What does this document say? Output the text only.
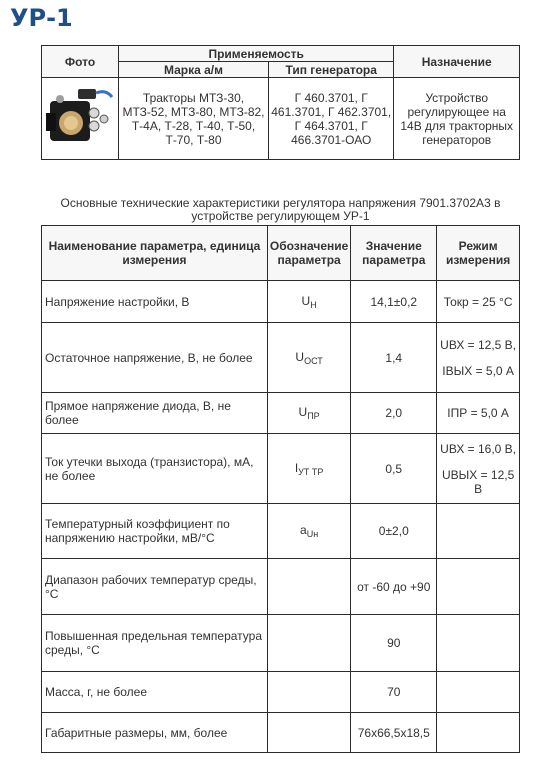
УР-1
Фото	Применяемость		Назначение
	Марка а/м	Тип генератора	

	Тракторы МТЗ-30, МТЗ-52, МТЗ-80, МТЗ-82, Т-4А, Т-28, Т-40, Т-50, Т-70, Т-80	Г 460.3701, Г 461.3701, Г 462.3701, Г 464.3701, Г 466.3701-ОАО	Устройство регулирующее на 14В для тракторных генераторов
Основные технические характеристики регулятора напряжения 7901.3702А3 в устройстве регулирующем УР-1
Наименование параметра, единица измерения	Обозначение параметра	Значение параметра	Режим измерения
Напряжение настройки, В	$U_Н$	14,1±0,2	Токр = 25 °С

Остаточное напряжение, В, не более	$U_{ОСТ}$	1,4	UВХ = 12,5 В,
IВЫХ = 5,0 А

Прямое напряжение диода, В, не более	$U_{ПР}$	2,0	IПР = 5,0 А

Ток утечки выхода (транзистора), мА, не более	$I_{УТ ТР}$	0,5	UВХ = 16,0 В,
UВЫХ = 12,5 В

Температурный коэффициент по напряжению настройки, мВ/°С	$a_{Uн}$	0±2,0	
Диапазон рабочих температур среды, °С		от -60 до +90	
Повышенная предельная температура среды, °С		90	
Масса, г, не более		70	
Габаритные размеры, мм, более		76x66,5x18,5	
